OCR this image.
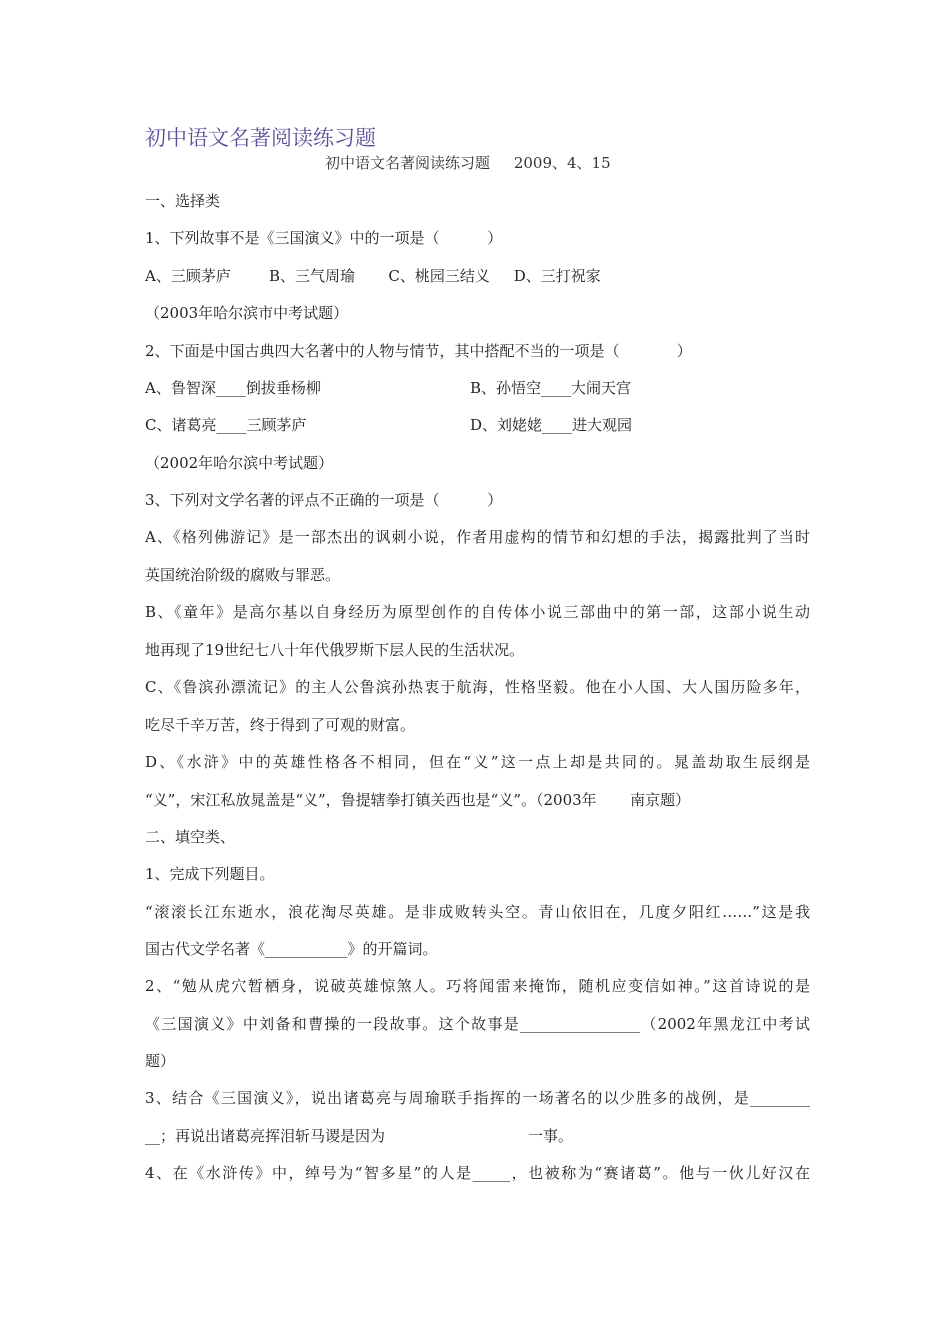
初中语文名著阅读练习题
初中语文名著阅读练习题     2009、4、15
一、选择类
1、下列故事不是《三国演义》中的一项是（          ）
A、三顾茅庐        B、三气周瑜       C、桃园三结义     D、三打祝家
（2003年哈尔滨市中考试题）
2、下面是中国古典四大名著中的人物与情节，其中搭配不当的一项是（            ）
A、鲁智深____倒拔垂杨柳	B、孙悟空____大闹天宫
C、诸葛亮____三顾茅庐	D、刘姥姥____进大观园
（2002年哈尔滨中考试题）
3、下列对文学名著的评点不正确的一项是（          ）
A、《格列佛游记》是一部杰出的讽刺小说，作者用虚构的情节和幻想的手法，揭露批判了当时
英国统治阶级的腐败与罪恶。
B、《童年》是高尔基以自身经历为原型创作的自传体小说三部曲中的第一部，这部小说生动
地再现了19世纪七八十年代俄罗斯下层人民的生活状况。
C、《鲁滨孙漂流记》的主人公鲁滨孙热衷于航海，性格坚毅。他在小人国、大人国历险多年，
吃尽千辛万苦，终于得到了可观的财富。
D、《水浒》中的英雄性格各不相同，但在“义”这一点上却是共同的。晁盖劫取生辰纲是
“义”，宋江私放晁盖是“义”，鲁提辖拳打镇关西也是“义”。（2003年       南京题）
二、填空类、
1、完成下列题目。
“滚滚长江东逝水，浪花淘尽英雄。是非成败转头空。青山依旧在，几度夕阳红……”这是我
国古代文学名著《___________》的开篇词。
2、“勉从虎穴暂栖身，说破英雄惊煞人。巧将闻雷来掩饰，随机应变信如神。”这首诗说的是
《三国演义》中刘备和曹操的一段故事。这个故事是________________（2002年黑龙江中考试
题）
3、结合《三国演义》，说出诸葛亮与周瑜联手指挥的一场著名的以少胜多的战例，是________
__；再说出诸葛亮挥泪斩马谡是因为                              一事。
4、在《水浒传》中，绰号为“智多星”的人是_____，也被称为“赛诸葛”。他与一伙儿好汉在
